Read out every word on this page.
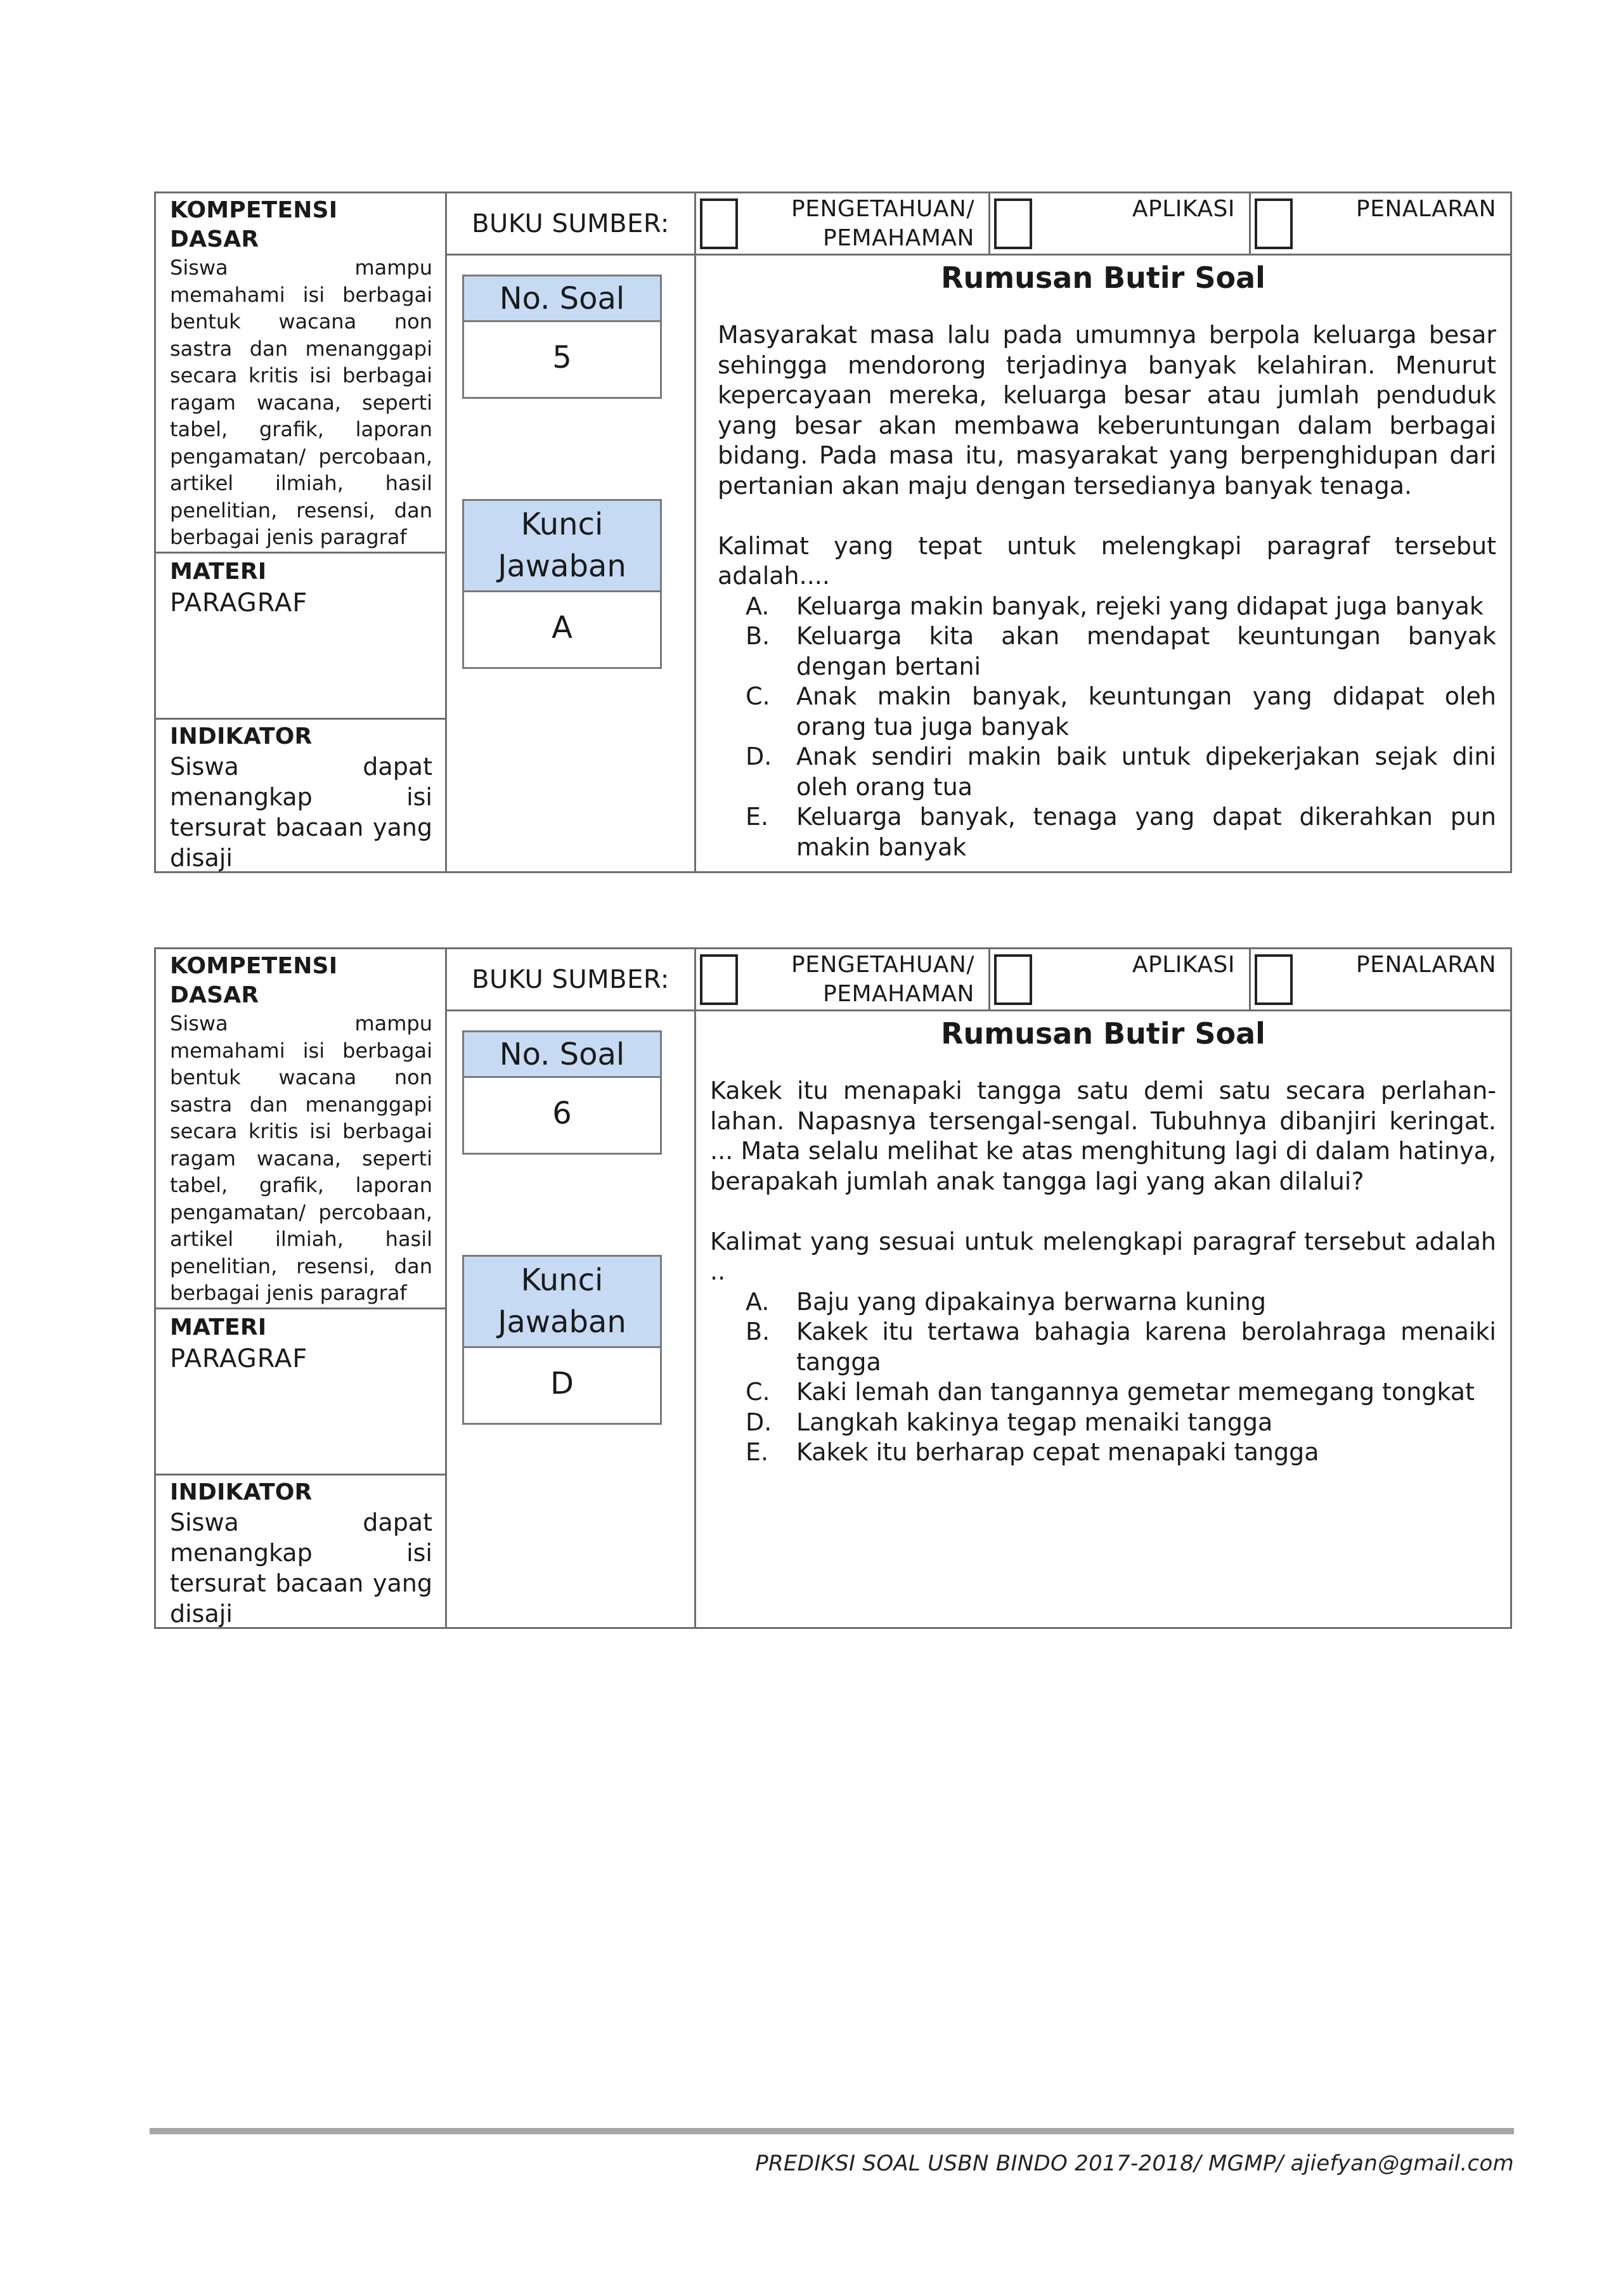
KOMPETENSI DASAR
Siswa mampu memahami isi berbagai bentuk wacana non sastra dan menanggapi secara kritis isi berbagai ragam wacana, seperti tabel, grafik, laporan pengamatan/ percobaan, artikel ilmiah, hasil penelitian, resensi, dan berbagai jenis paragraf
MATERI
PARAGRAF
INDIKATOR
Siswa dapat menangkap isi tersurat bacaan yang disaji
BUKU SUMBER:
No. Soal
5
Kunci Jawaban
A
PENGETAHUAN/ PEMAHAMAN
APLIKASI	PENALARAN
Rumusan Butir Soal

Masyarakat masa lalu pada umumnya berpola keluarga besar sehingga mendorong terjadinya banyak kelahiran. Menurut kepercayaan mereka, keluarga besar atau jumlah penduduk yang besar akan membawa keberuntungan dalam berbagai bidang. Pada masa itu, masyarakat yang berpenghidupan dari pertanian akan maju dengan tersedianya banyak tenaga.

Kalimat yang tepat untuk melengkapi paragraf tersebut adalah....

A.	Keluarga makin banyak, rejeki yang didapat juga banyak
B.	Keluarga kita akan mendapat keuntungan banyak dengan bertani
C.	Anak makin banyak, keuntungan yang didapat oleh orang tua juga banyak
D.	Anak sendiri makin baik untuk dipekerjakan sejak dini oleh orang tua
E.	Keluarga banyak, tenaga yang dapat dikerahkan pun makin banyak
KOMPETENSI DASAR
Siswa mampu memahami isi berbagai bentuk wacana non sastra dan menanggapi secara kritis isi berbagai ragam wacana, seperti tabel, grafik, laporan pengamatan/ percobaan, artikel ilmiah, hasil penelitian, resensi, dan berbagai jenis paragraf
MATERI
PARAGRAF
INDIKATOR
Siswa dapat menangkap isi tersurat bacaan yang disaji
BUKU SUMBER:
No. Soal
6
Kunci Jawaban
D
PENGETAHUAN/ PEMAHAMAN
APLIKASI	PENALARAN
Rumusan Butir Soal

Kakek itu menapaki tangga satu demi satu secara perlahan-lahan. Napasnya tersengal-sengal. Tubuhnya dibanjiri keringat. ... Mata selalu melihat ke atas menghitung lagi di dalam hatinya, berapakah jumlah anak tangga lagi yang akan dilalui?

Kalimat yang sesuai untuk melengkapi paragraf tersebut adalah ..

A.	Baju yang dipakainya berwarna kuning
B.	Kakek itu tertawa bahagia karena berolahraga menaiki tangga
C.	Kaki lemah dan tangannya gemetar memegang tongkat
D.	Langkah kakinya tegap menaiki tangga
E.	Kakek itu berharap cepat menapaki tangga
PREDIKSI SOAL USBN BINDO 2017-2018/ MGMP/ ajiefyan@gmail.com
